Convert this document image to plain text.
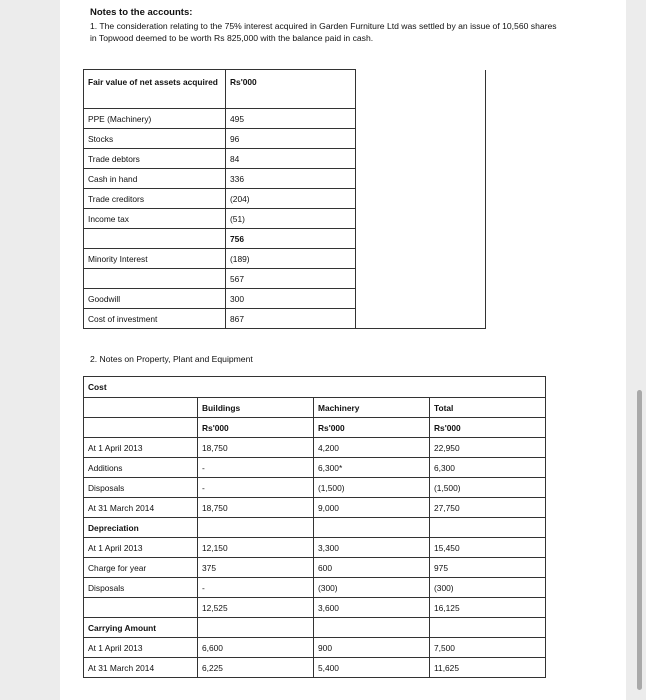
Notes to the accounts:
1. The consideration relating to the 75% interest acquired in Garden Furniture Ltd was settled by an issue of 10,560 shares in Topwood deemed to be worth Rs 825,000 with the balance paid in cash.
Fair value of net assets acquired	Rs'000	
PPE (Machinery)	495	
Stocks	96	
Trade debtors	84	
Cash in hand	336	
Trade creditors	(204)	
Income tax	(51)	
	756	
Minority Interest	(189)	
	567	
Goodwill	300	
Cost of investment	867	
2. Notes on Property, Plant and Equipment
Cost			
	Buildings	Machinery	Total
	Rs'000	Rs'000	Rs'000
At 1 April 2013	18,750	4,200	22,950
Additions	-	6,300*	6,300
Disposals	-	(1,500)	(1,500)
At 31 March 2014	18,750	9,000	27,750
Depreciation			
At 1 April 2013	12,150	3,300	15,450
Charge for year	375	600	975
Disposals	-	(300)	(300)
	12,525	3,600	16,125
Carrying Amount			
At 1 April 2013	6,600	900	7,500
At 31 March 2014	6,225	5,400	11,625
